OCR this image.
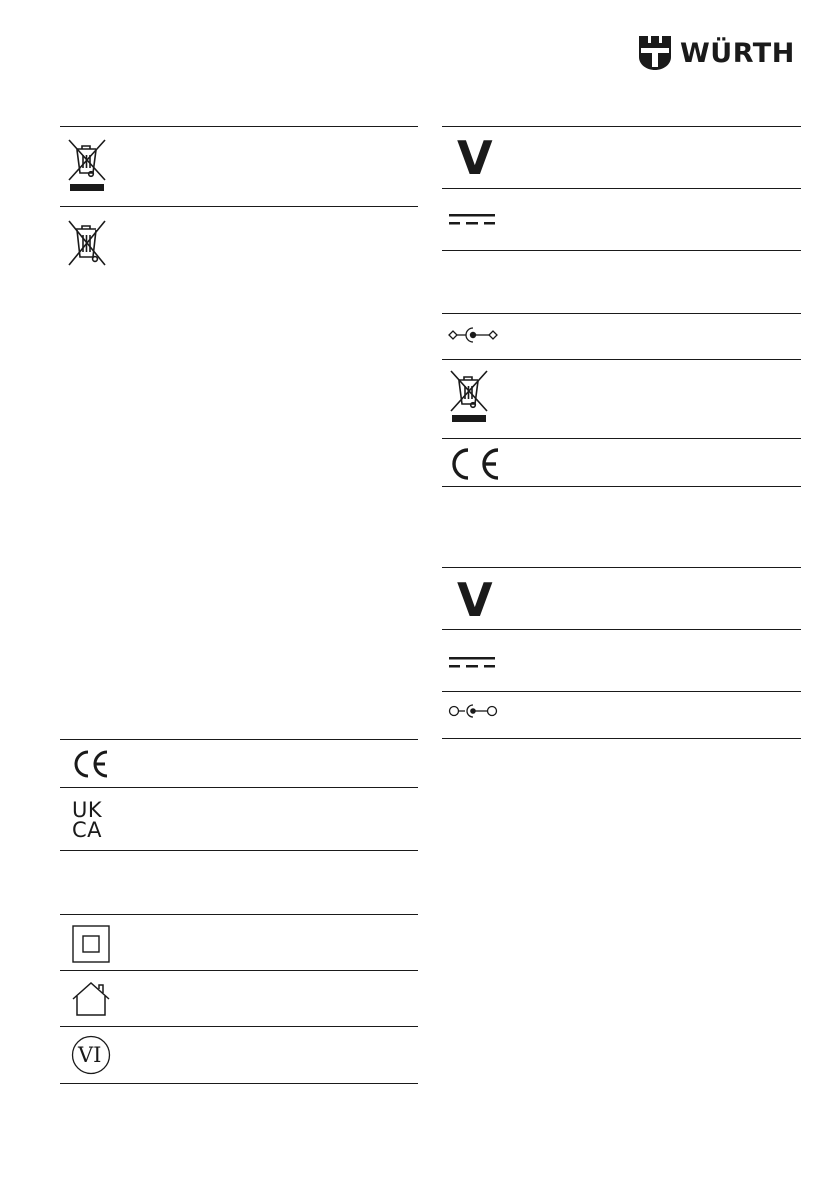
WÜRTH
UK
CA
VI
V
V
